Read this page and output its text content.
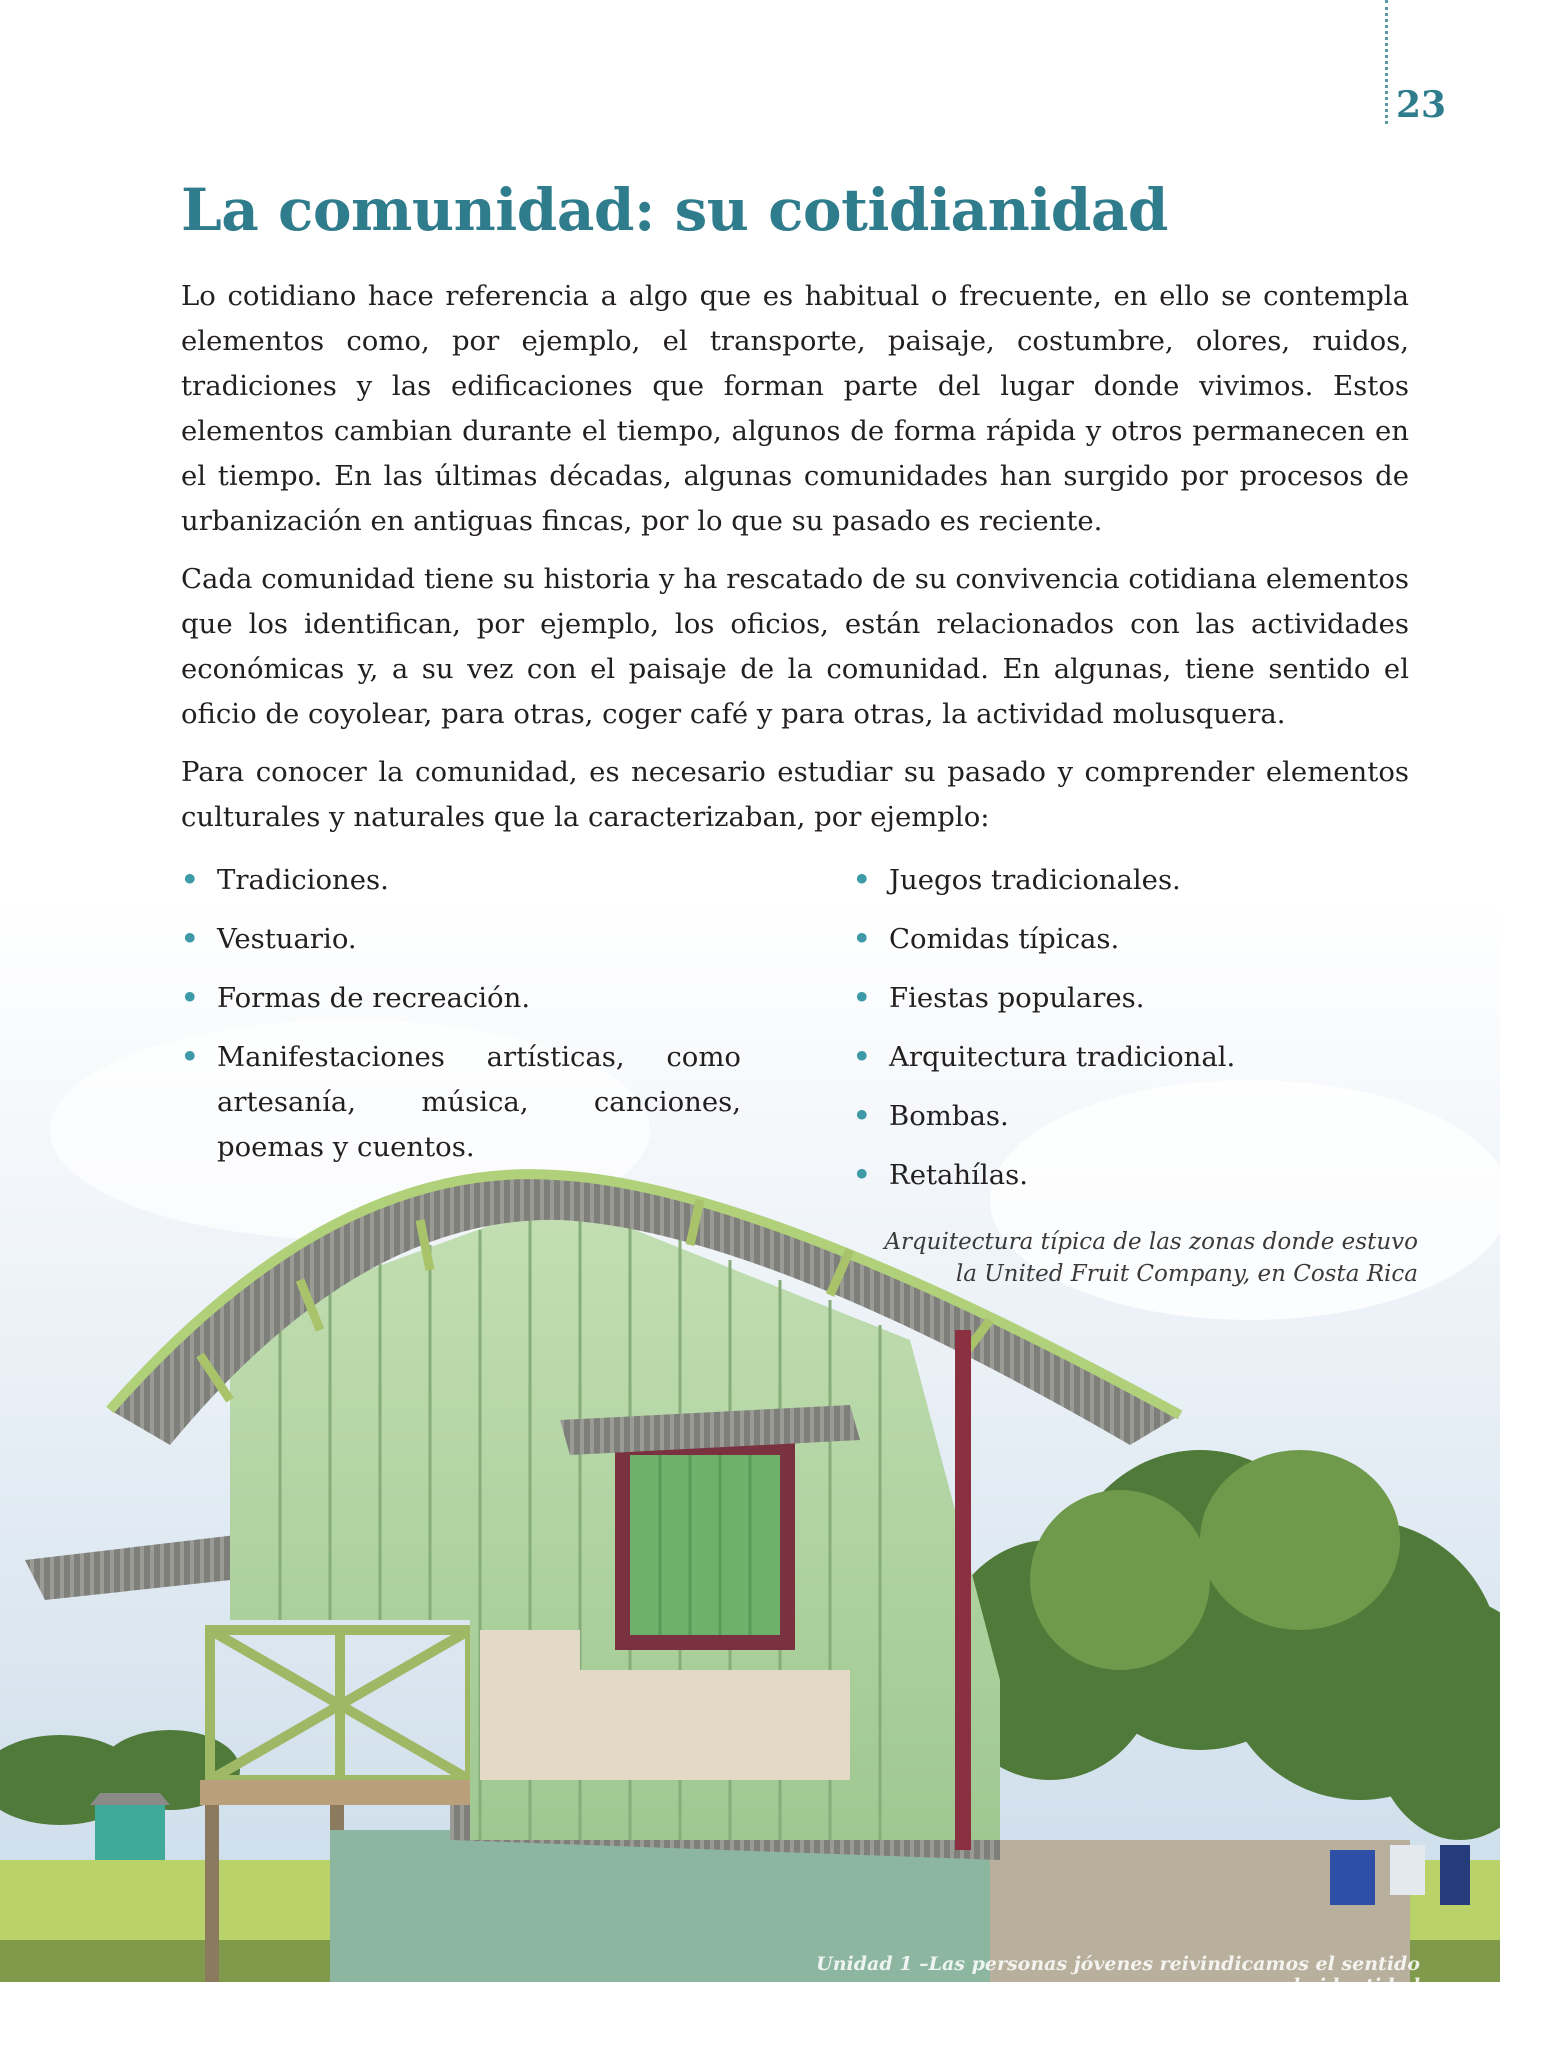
23
La comunidad: su cotidianidad

Lo cotidiano hace referencia a algo que es habitual o frecuente, en ello se contempla elementos como, por ejemplo, el transporte, paisaje, costumbre, olores, ruidos, tradiciones y las edificaciones que forman parte del lugar donde vivimos. Estos elementos cambian durante el tiempo, algunos de forma rápida y otros permanecen en el tiempo. En las últimas décadas, algunas comunidades han surgido por procesos de urbanización en antiguas fincas, por lo que su pasado es reciente.

Cada comunidad tiene su historia y ha rescatado de su convivencia cotidiana elementos que los identifican, por ejemplo, los oficios, están relacionados con las actividades económicas y, a su vez con el paisaje de la comunidad. En algunas, tiene sentido el oficio de coyolear, para otras, coger café y para otras, la actividad molusquera.

Para conocer la comunidad, es necesario estudiar su pasado y comprender elementos culturales y naturales que la caracterizaban, por ejemplo:

• Tradiciones.
• Vestuario.
• Formas de recreación.
• Manifestaciones artísticas, como artesanía, música, canciones, poemas y cuentos.
• Juegos tradicionales.
• Comidas típicas.
• Fiestas populares.
• Arquitectura tradicional.
• Bombas.
• Retahílas.
Arquitectura típica de las zonas donde estuvo
la United Fruit Company, en Costa Rica
Unidad 1 –Las personas jóvenes reivindicamos el sentido de identidad
